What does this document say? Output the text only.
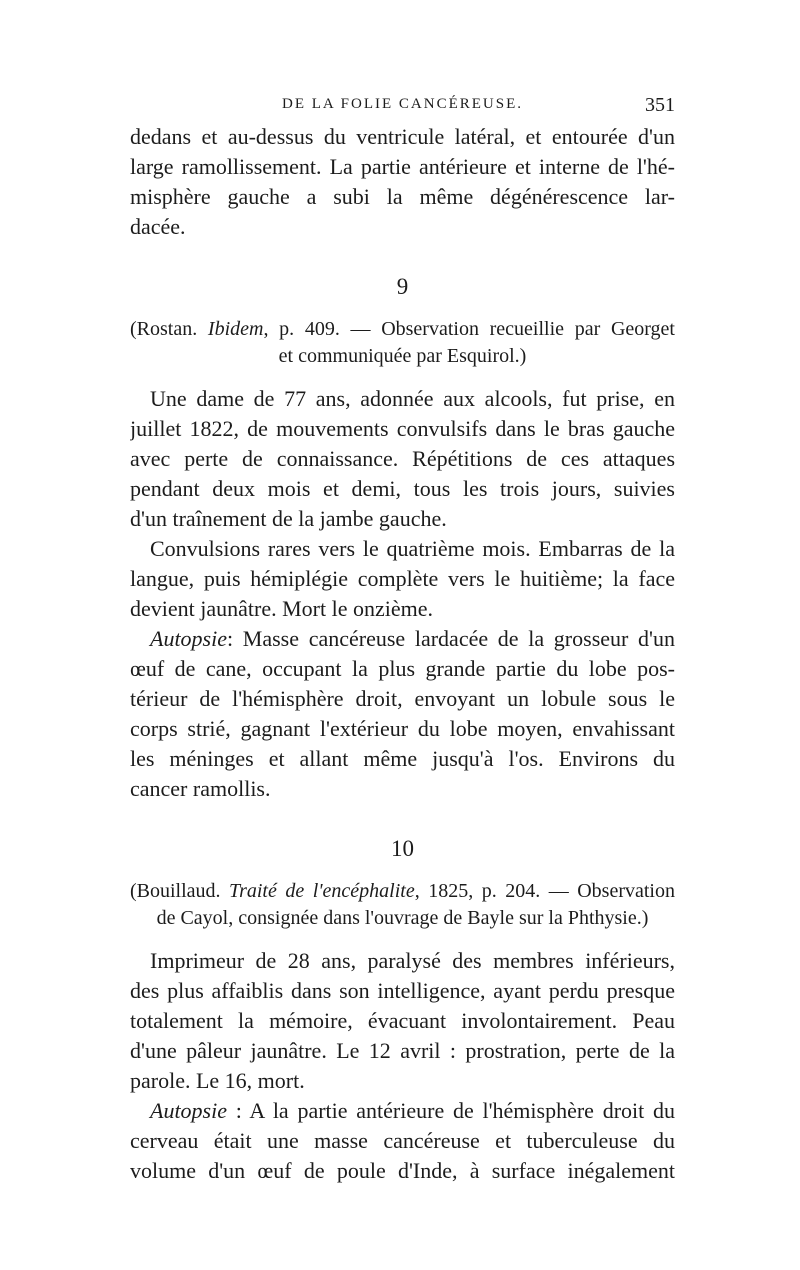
DE LA FOLIE CANCÉREUSE.	351
dedans et au-dessus du ventricule latéral, et entourée d'un
large ramollissement. La partie antérieure et interne de l'hé-
misphère gauche a subi la même dégénérescence lar-
dacée.
9
(Rostan. Ibidem, p. 409. — Observation recueillie par Georget
et communiquée par Esquirol.)
Une dame de 77 ans, adonnée aux alcools, fut prise, en
juillet 1822, de mouvements convulsifs dans le bras gauche
avec perte de connaissance. Répétitions de ces attaques
pendant deux mois et demi, tous les trois jours, suivies
d'un traînement de la jambe gauche.
Convulsions rares vers le quatrième mois. Embarras de la
langue, puis hémiplégie complète vers le huitième; la face
devient jaunâtre. Mort le onzième.
Autopsie: Masse cancéreuse lardacée de la grosseur d'un
œuf de cane, occupant la plus grande partie du lobe pos-
térieur de l'hémisphère droit, envoyant un lobule sous le
corps strié, gagnant l'extérieur du lobe moyen, envahissant
les méninges et allant même jusqu'à l'os. Environs du
cancer ramollis.
10
(Bouillaud. Traité de l'encéphalite, 1825, p. 204. — Observation
de Cayol, consignée dans l'ouvrage de Bayle sur la Phthysie.)
Imprimeur de 28 ans, paralysé des membres inférieurs,
des plus affaiblis dans son intelligence, ayant perdu presque
totalement la mémoire, évacuant involontairement. Peau
d'une pâleur jaunâtre. Le 12 avril : prostration, perte de la
parole. Le 16, mort.
Autopsie : A la partie antérieure de l'hémisphère droit du
cerveau était une masse cancéreuse et tuberculeuse du
volume d'un œuf de poule d'Inde, à surface inégalement
